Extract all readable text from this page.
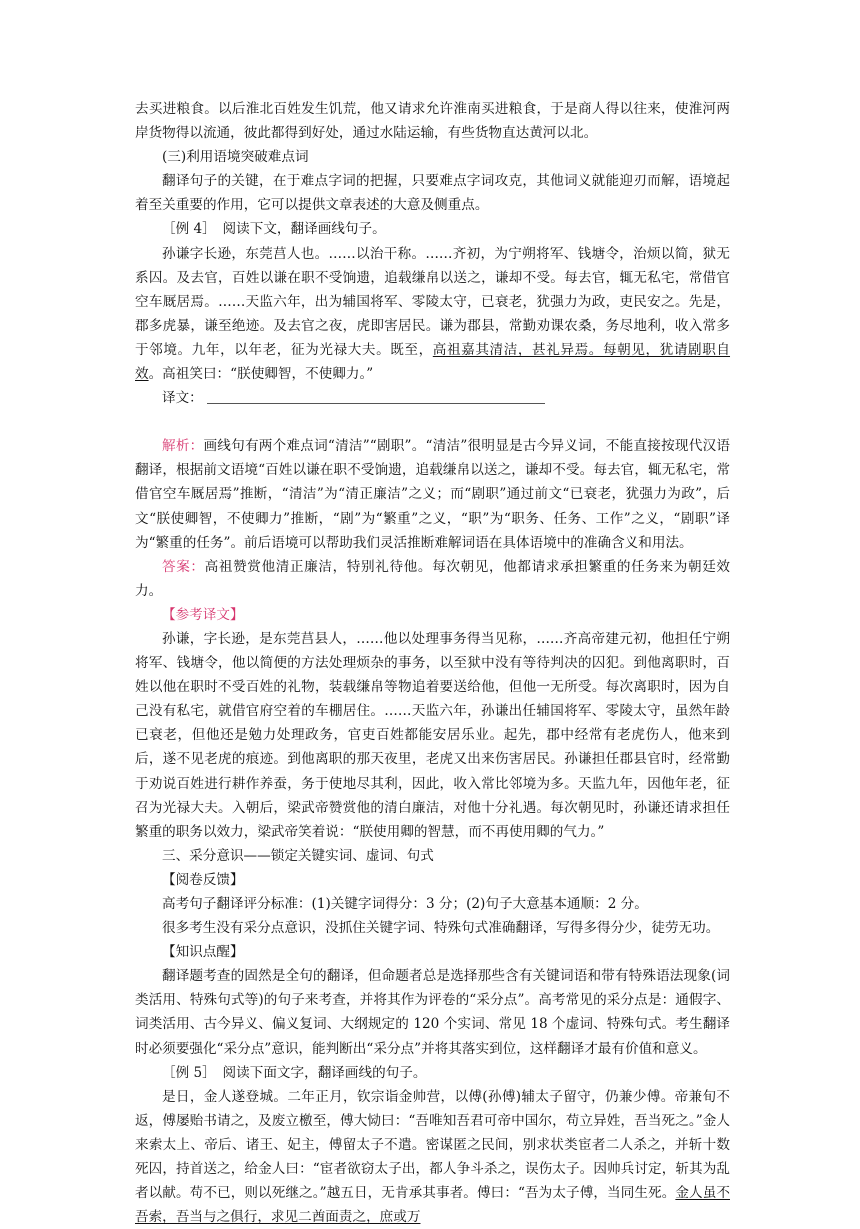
去买进粮食。以后淮北百姓发生饥荒，他又请求允许淮南买进粮食，于是商人得以往来，使淮河两岸货物得以流通，彼此都得到好处，通过水陆运输，有些货物直达黄河以北。

(三)利用语境突破难点词

翻译句子的关键，在于难点字词的把握，只要难点字词攻克，其他词义就能迎刃而解，语境起着至关重要的作用，它可以提供文章表述的大意及侧重点。

［例 4］　阅读下文，翻译画线句子。

孙谦字长逊，东莞莒人也。……以治干称。……齐初，为宁朔将军、钱塘令，治烦以简，狱无系囚。及去官，百姓以谦在职不受饷遗，追载缣帛以送之，谦却不受。每去官，辄无私宅，常借官空车厩居焉。……天监六年，出为辅国将军、零陵太守，已衰老，犹强力为政，吏民安之。先是，郡多虎暴，谦至绝迹。及去官之夜，虎即害居民。谦为郡县，常勤劝课农桑，务尽地利，收入常多于邻境。九年，以年老，征为光禄大夫。既至，高祖嘉其清洁，甚礼异焉。每朝见，犹请剧职自效。高祖笑曰：“朕使卿智，不使卿力。”

译文：

解析：画线句有两个难点词“清洁”“剧职”。“清洁”很明显是古今异义词，不能直接按现代汉语翻译，根据前文语境“百姓以谦在职不受饷遗，追载缣帛以送之，谦却不受。每去官，辄无私宅，常借官空车厩居焉”推断，“清洁”为“清正廉洁”之义；而“剧职”通过前文“已衰老，犹强力为政”，后文“朕使卿智，不使卿力”推断，“剧”为“繁重”之义，“职”为“职务、任务、工作”之义，“剧职”译为“繁重的任务”。前后语境可以帮助我们灵活推断难解词语在具体语境中的准确含义和用法。

答案：高祖赞赏他清正廉洁，特别礼待他。每次朝见，他都请求承担繁重的任务来为朝廷效力。

【参考译文】

孙谦，字长逊，是东莞莒县人，……他以处理事务得当见称，……齐高帝建元初，他担任宁朔将军、钱塘令，他以简便的方法处理烦杂的事务，以至狱中没有等待判决的囚犯。到他离职时，百姓以他在职时不受百姓的礼物，装载缣帛等物追着要送给他，但他一无所受。每次离职时，因为自己没有私宅，就借官府空着的车棚居住。……天监六年，孙谦出任辅国将军、零陵太守，虽然年龄已衰老，但他还是勉力处理政务，官吏百姓都能安居乐业。起先，郡中经常有老虎伤人，他来到后，遂不见老虎的痕迹。到他离职的那天夜里，老虎又出来伤害居民。孙谦担任郡县官时，经常勤于劝说百姓进行耕作养蚕，务于使地尽其利，因此，收入常比邻境为多。天监九年，因他年老，征召为光禄大夫。入朝后，梁武帝赞赏他的清白廉洁，对他十分礼遇。每次朝见时，孙谦还请求担任繁重的职务以效力，梁武帝笑着说：“朕使用卿的智慧，而不再使用卿的气力。”

三、采分意识——锁定关键实词、虚词、句式

【阅卷反馈】

高考句子翻译评分标准：(1)关键字词得分：3 分；(2)句子大意基本通顺：2 分。

很多考生没有采分点意识，没抓住关键字词、特殊句式准确翻译，写得多得分少，徒劳无功。

【知识点醒】

翻译题考查的固然是全句的翻译，但命题者总是选择那些含有关键词语和带有特殊语法现象(词类活用、特殊句式等)的句子来考查，并将其作为评卷的“采分点”。高考常见的采分点是：通假字、词类活用、古今异义、偏义复词、大纲规定的 120 个实词、常见 18 个虚词、特殊句式。考生翻译时必须要强化“采分点”意识，能判断出“采分点”并将其落实到位，这样翻译才最有价值和意义。

［例 5］　阅读下面文字，翻译画线的句子。

是日，金人遂登城。二年正月，钦宗诣金帅营，以傅(孙傅)辅太子留守，仍兼少傅。帝兼旬不返，傅屡贻书请之，及废立檄至，傅大恸曰：“吾唯知吾君可帝中国尔，苟立异姓，吾当死之。”金人来索太上、帝后、诸王、妃主，傅留太子不遣。密谋匿之民间，别求状类宦者二人杀之，并斩十数死囚，持首送之，给金人曰：“宦者欲窃太子出，都人争斗杀之，误伤太子。因帅兵讨定，斩其为乱者以献。苟不已，则以死继之。”越五日，无肯承其事者。傅曰：“吾为太子傅，当同生死。金人虽不吾索，吾当与之俱行，求见二酋面责之，庶或万
